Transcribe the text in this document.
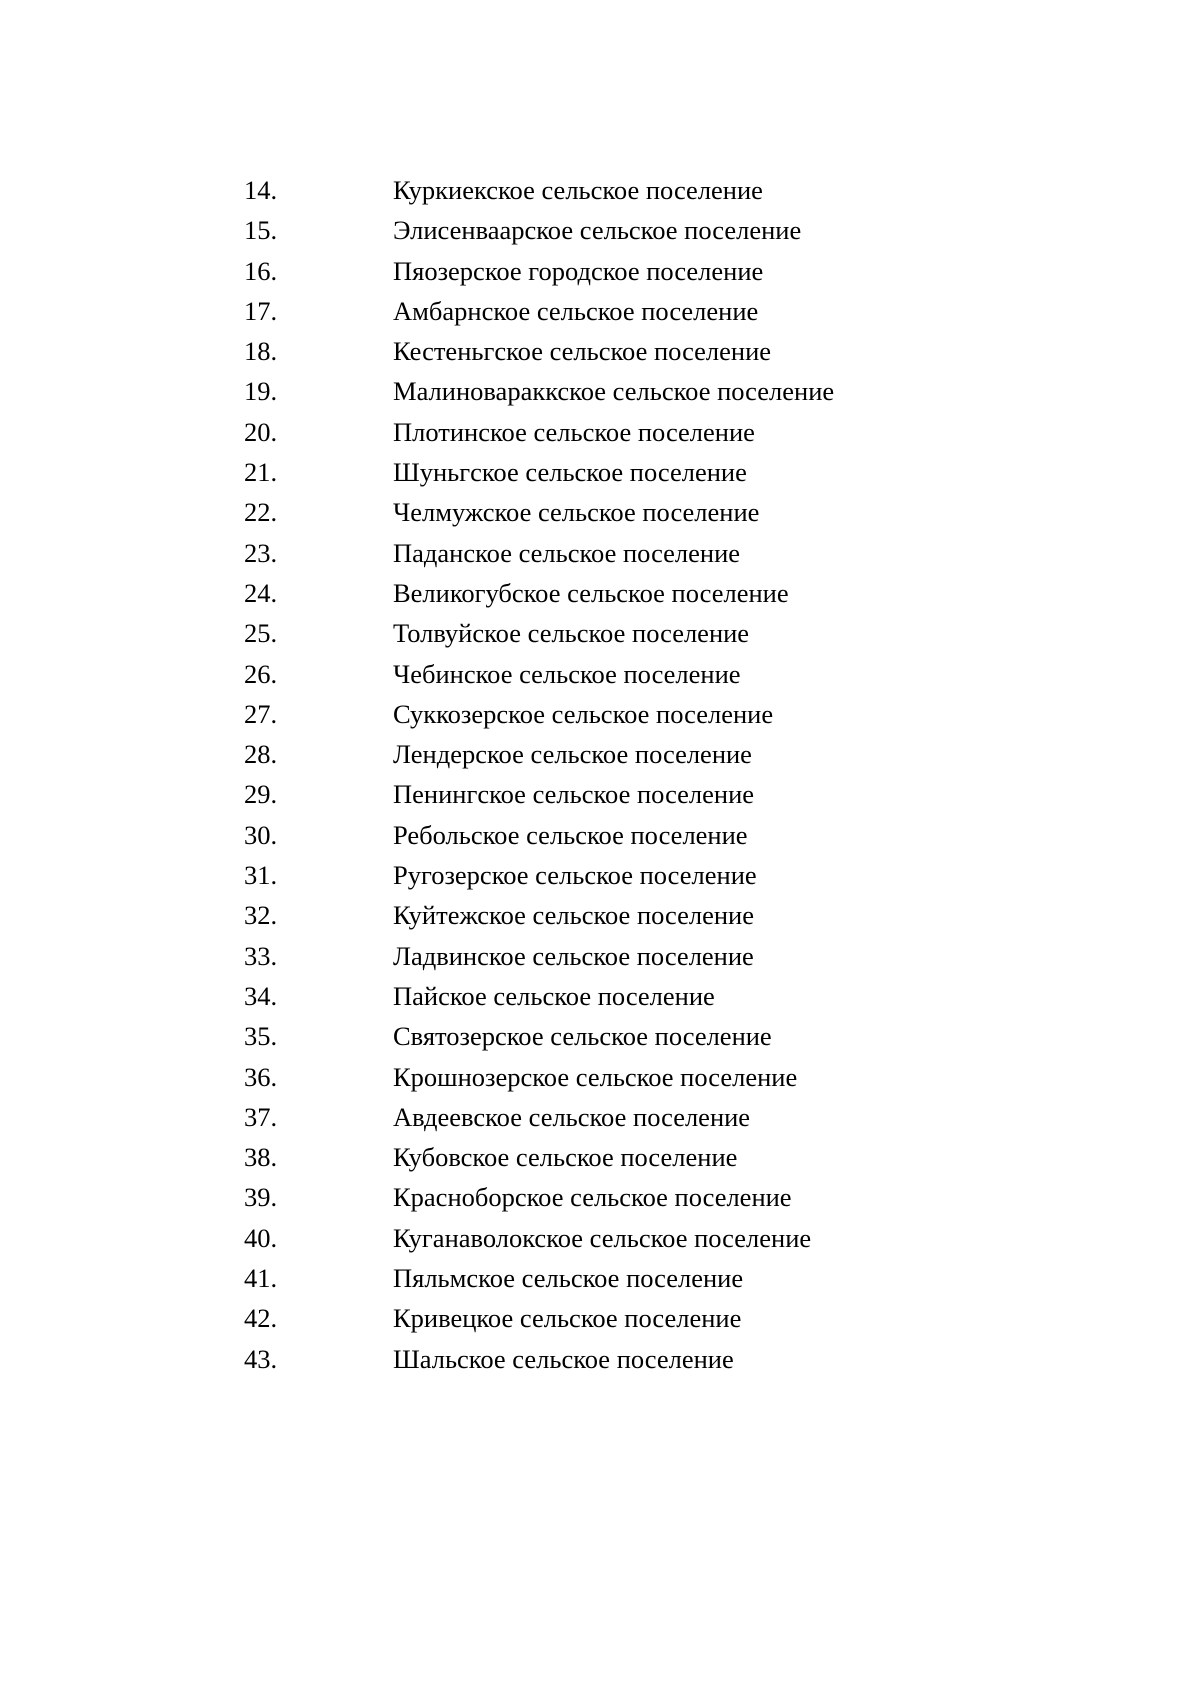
14.	Куркиекское сельское поселение
15.	Элисенваарское сельское поселение
16.	Пяозерское городское поселение
17.	Амбарнское сельское поселение
18.	Кестеньгское сельское поселение
19.	Малиновараккское сельское поселение
20.	Плотинское сельское поселение
21.	Шуньгское сельское поселение
22.	Челмужское сельское поселение
23.	Паданское сельское поселение
24.	Великогубское сельское поселение
25.	Толвуйское сельское поселение
26.	Чебинское сельское поселение
27.	Суккозерское сельское поселение
28.	Лендерское сельское поселение
29.	Пенингское сельское поселение
30.	Ребольское сельское поселение
31.	Ругозерское сельское поселение
32.	Куйтежское сельское поселение
33.	Ладвинское сельское поселение
34.	Пайское сельское поселение
35.	Святозерское сельское поселение
36.	Крошнозерское сельское поселение
37.	Авдеевское сельское поселение
38.	Кубовское сельское поселение
39.	Красноборское сельское поселение
40.	Куганаволокское сельское поселение
41.	Пяльмское сельское поселение
42.	Кривецкое сельское поселение
43.	Шальское сельское поселение
